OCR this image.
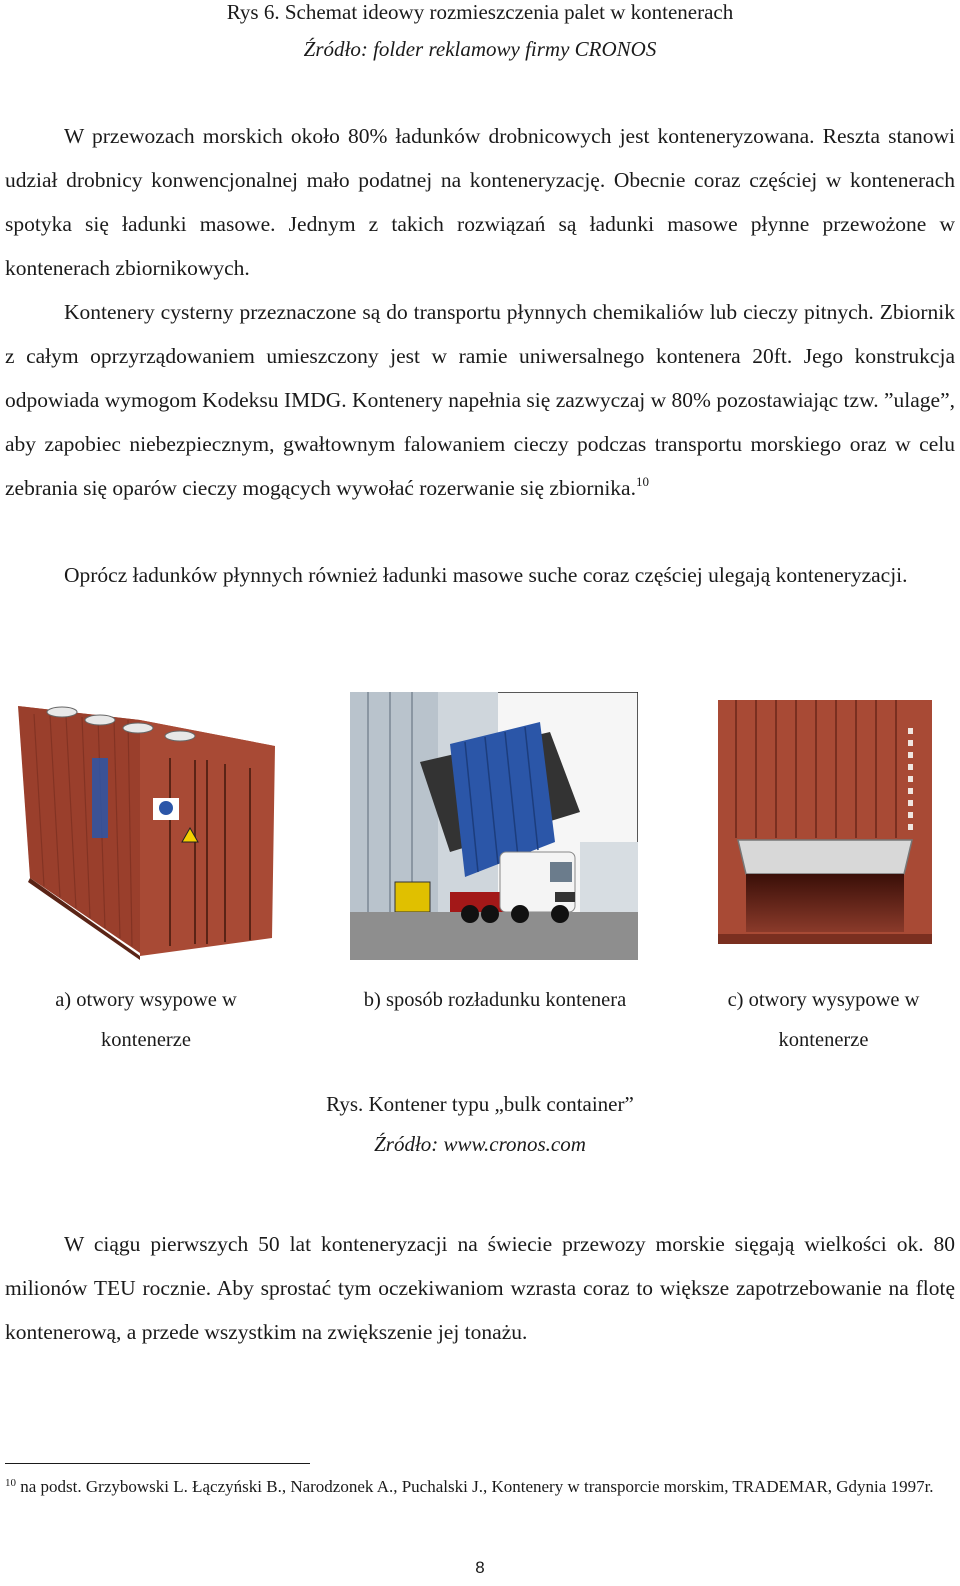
Rys 6. Schemat ideowy rozmieszczenia palet w kontenerach
Źródło: folder reklamowy firmy CRONOS

W przewozach morskich około 80% ładunków drobnicowych jest konteneryzowana. Reszta stanowi udział drobnicy konwencjonalnej mało podatnej na konteneryzację. Obecnie coraz częściej w kontenerach spotyka się ładunki masowe. Jednym z takich rozwiązań są ładunki masowe płynne przewożone w kontenerach zbiornikowych.

Kontenery cysterny przeznaczone są do transportu płynnych chemikaliów lub cieczy pitnych. Zbiornik z całym oprzyrządowaniem umieszczony jest w ramie uniwersalnego kontenera 20ft. Jego konstrukcja odpowiada wymogom Kodeksu IMDG. Kontenery napełnia się zazwyczaj w 80% pozostawiając tzw. ”ulage”, aby zapobiec niebezpiecznym, gwałtownym falowaniem cieczy podczas transportu morskiego oraz w celu zebrania się oparów cieczy mogących wywołać rozerwanie się zbiornika.$^{10}$

Oprócz ładunków płynnych również ładunki masowe suche coraz częściej ulegają konteneryzacji.

a) otwory wsypowe w kontenerze
b) sposób rozładunku kontenera	c) otwory wysypowe w kontenerze
Rys. Kontener typu „bulk container”
Źródło: www.cronos.com

W ciągu pierwszych 50 lat konteneryzacji na świecie przewozy morskie sięgają wielkości ok. 80 milionów TEU rocznie. Aby sprostać tym oczekiwaniom wzrasta coraz to większe zapotrzebowanie na flotę kontenerową, a przede wszystkim na zwiększenie jej tonażu.

$^{10}$ na podst. Grzybowski L. Łączyński B., Narodzonek A., Puchalski J., Kontenery w transporcie morskim, TRADEMAR, Gdynia 1997r.
8
